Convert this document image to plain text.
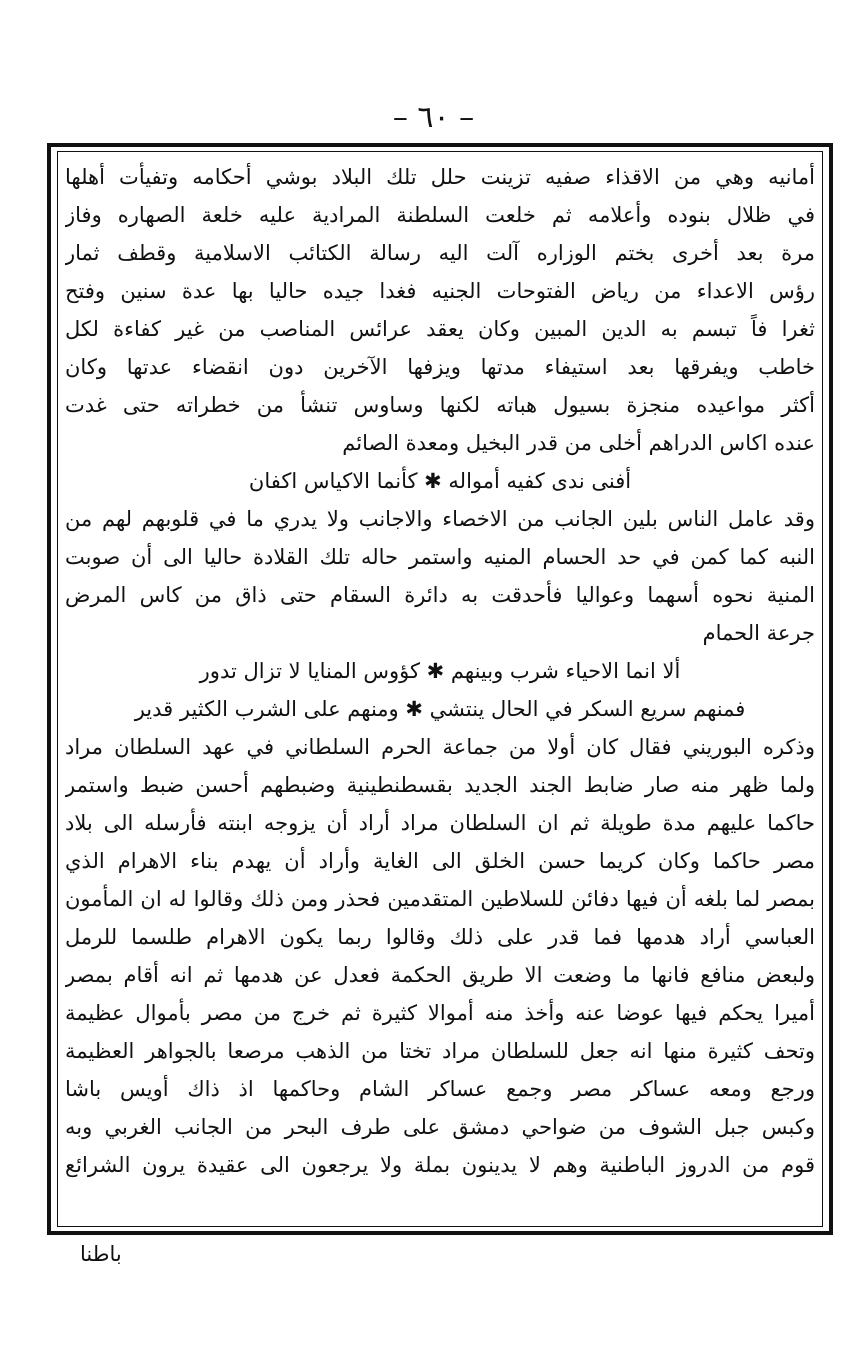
– ٦٠ –
أمانيه وهي من الاقذاء صفيه تزينت حلل تلك البلاد بوشي أحكامه وتفيأت أهلها
في ظلال بنوده وأعلامه ثم خلعت السلطنة المرادية عليه خلعة الصهاره وفاز
مرة بعد أخرى بختم الوزاره آلت اليه رسالة الكتائب الاسلامية وقطف ثمار
رؤس الاعداء من رياض الفتوحات الجنيه فغدا جيده حاليا بها عدة سنين وفتح
ثغرا فاً تبسم به الدين المبين وكان يعقد عرائس المناصب من غير كفاءة لكل
خاطب ويفرقها بعد استيفاء مدتها ويزفها الآخرين دون انقضاء عدتها وكان
أكثر مواعيده منجزة بسيول هباته لكنها وساوس تنشأ من خطراته حتى غدت
عنده اكاس الدراهم أخلى من قدر البخيل ومعدة الصائم
أفنى ندى كفيه أمواله ✱ كأنما الاكياس اكفان
وقد عامل الناس بلين الجانب من الاخصاء والاجانب ولا يدري ما في قلوبهم لهم من
النبه كما كمن في حد الحسام المنيه واستمر حاله تلك القلادة حاليا الى أن صوبت
المنية نحوه أسهما وعواليا فأحدقت به دائرة السقام حتى ذاق من كاس المرض
جرعة الحمام
ألا انما الاحياء شرب وبينهم ✱ كؤوس المنايا لا تزال تدور
فمنهم سريع السكر في الحال ينتشي ✱ ومنهم على الشرب الكثير قدير
وذكره البوريني فقال كان أولا من جماعة الحرم السلطاني في عهد السلطان مراد
ولما ظهر منه صار ضابط الجند الجديد بقسطنطينية وضبطهم أحسن ضبط واستمر
حاكما عليهم مدة طويلة ثم ان السلطان مراد أراد أن يزوجه ابنته فأرسله الى بلاد
مصر حاكما وكان كريما حسن الخلق الى الغاية وأراد أن يهدم بناء الاهرام الذي
بمصر لما بلغه أن فيها دفائن للسلاطين المتقدمين فحذر ومن ذلك وقالوا له ان المأمون
العباسي أراد هدمها فما قدر على ذلك وقالوا ربما يكون الاهرام طلسما للرمل
ولبعض منافع فانها ما وضعت الا طريق الحكمة فعدل عن هدمها ثم انه أقام بمصر
أميرا يحكم فيها عوضا عنه وأخذ منه أموالا كثيرة ثم خرج من مصر بأموال عظيمة
وتحف كثيرة منها انه جعل للسلطان مراد تختا من الذهب مرصعا بالجواهر العظيمة
ورجع ومعه عساكر مصر وجمع عساكر الشام وحاكمها اذ ذاك أويس باشا
وكبس جبل الشوف من ضواحي دمشق على طرف البحر من الجانب الغربي وبه
قوم من الدروز الباطنية وهم لا يدينون بملة ولا يرجعون الى عقيدة يرون الشرائع
باطنا
